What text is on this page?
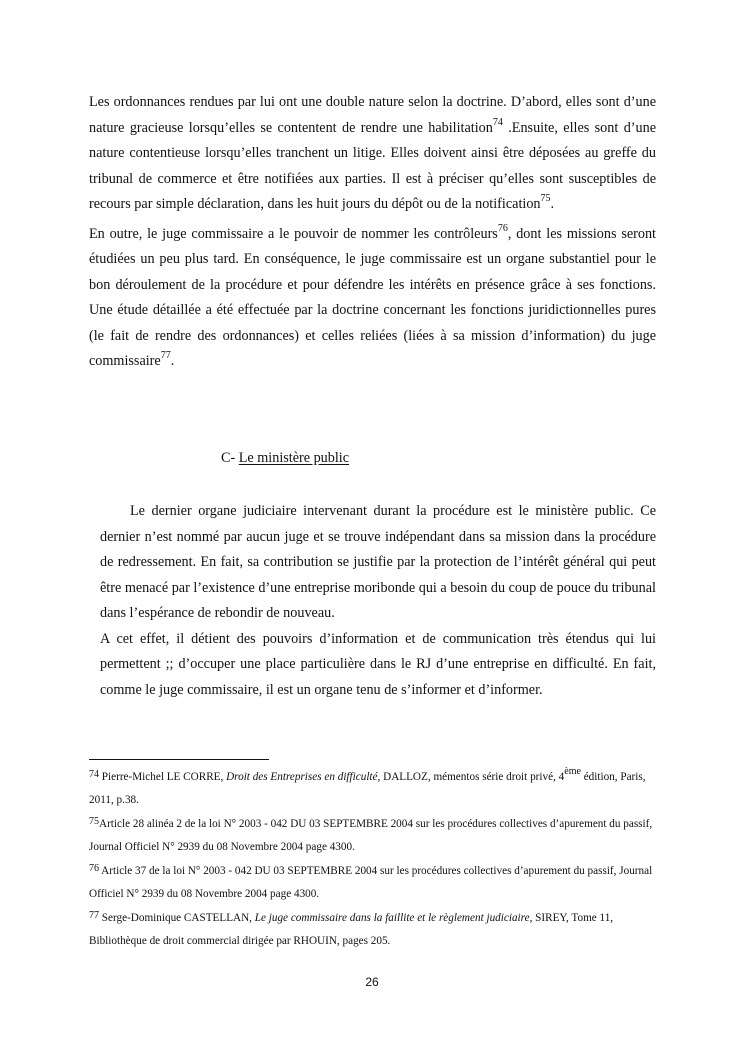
Les ordonnances rendues par lui ont une double nature selon la doctrine. D’abord, elles sont d’une nature gracieuse lorsqu’elles se contentent de rendre une habilitation$^{74}$ .Ensuite, elles sont d’une nature contentieuse lorsqu’elles tranchent un litige. Elles doivent ainsi être déposées au greffe du tribunal de commerce et être notifiées aux parties. Il est à préciser qu’elles sont susceptibles de recours par simple déclaration, dans les huit jours du dépôt ou de la notification$^{75}$.

En outre, le juge commissaire a le pouvoir de nommer les contrôleurs$^{76}$, dont les missions seront étudiées un peu plus tard. En conséquence, le juge commissaire est un organe substantiel pour le bon déroulement de la procédure et pour défendre les intérêts en présence grâce à ses fonctions. Une étude détaillée a été effectuée par la doctrine concernant les fonctions juridictionnelles pures (le fait de rendre des ordonnances) et celles reliées (liées à sa mission d’information) du juge commissaire$^{77}$.

C- Le ministère public

Le dernier organe judiciaire intervenant durant la procédure est le ministère public. Ce dernier n’est nommé par aucun juge et se trouve indépendant dans sa mission dans la procédure de redressement. En fait, sa contribution se justifie par la protection de l’intérêt général qui peut être menacé par l’existence d’une entreprise moribonde qui a besoin du coup de pouce du tribunal dans l’espérance de rebondir de nouveau.

A cet effet, il détient des pouvoirs d’information et de communication très étendus qui lui permettent ;; d’occuper une place particulière dans le RJ d’une entreprise en difficulté. En fait, comme le juge commissaire, il est un organe tenu de s’informer et d’informer.

74 Pierre-Michel LE CORRE, Droit des Entreprises en difficulté, DALLOZ, mémentos série droit privé, 4ème édition, Paris, 2011, p.38.

75Article 28 alinéa 2 de la loi N° 2003 - 042 DU 03 SEPTEMBRE 2004 sur les procédures collectives d’apurement du passif, Journal Officiel N° 2939 du 08 Novembre 2004 page 4300.

76 Article 37 de la loi N° 2003 - 042 DU 03 SEPTEMBRE 2004 sur les procédures collectives d’apurement du passif, Journal Officiel N° 2939 du 08 Novembre 2004 page 4300.

77 Serge-Dominique CASTELLAN, Le juge commissaire dans la faillite et le règlement judiciaire, SIREY, Tome 11, Bibliothèque de droit commercial dirigée par RHOUIN, pages 205.

26
